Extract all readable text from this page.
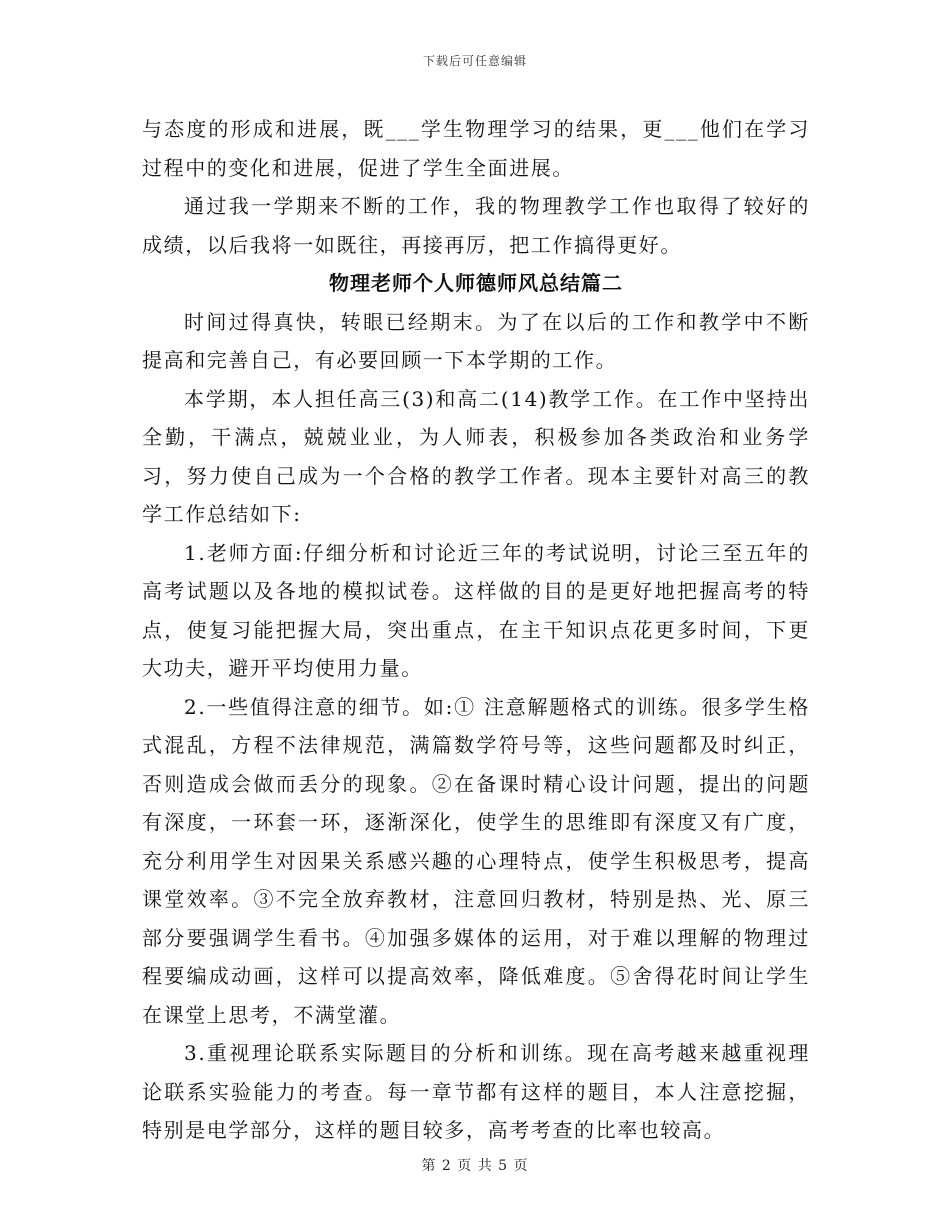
下载后可任意编辑

与态度的形成和进展，既___学生物理学习的结果，更___他们在学习过程中的变化和进展，促进了学生全面进展。

通过我一学期来不断的工作，我的物理教学工作也取得了较好的成绩，以后我将一如既往，再接再厉，把工作搞得更好。

物理老师个人师德师风总结篇二

时间过得真快，转眼已经期末。为了在以后的工作和教学中不断提高和完善自己，有必要回顾一下本学期的工作。

本学期，本人担任高三(3)和高二(14)教学工作。在工作中坚持出全勤，干满点，兢兢业业，为人师表，积极参加各类政治和业务学习，努力使自己成为一个合格的教学工作者。现本主要针对高三的教学工作总结如下:

1.老师方面:仔细分析和讨论近三年的考试说明，讨论三至五年的高考试题以及各地的模拟试卷。这样做的目的是更好地把握高考的特点，使复习能把握大局，突出重点，在主干知识点花更多时间，下更大功夫，避开平均使用力量。

2.一些值得注意的细节。如:① 注意解题格式的训练。很多学生格式混乱，方程不法律规范，满篇数学符号等，这些问题都及时纠正，否则造成会做而丢分的现象。②在备课时精心设计问题，提出的问题有深度，一环套一环，逐渐深化，使学生的思维即有深度又有广度，充分利用学生对因果关系感兴趣的心理特点，使学生积极思考，提高课堂效率。③不完全放弃教材，注意回归教材，特别是热、光、原三部分要强调学生看书。④加强多媒体的运用，对于难以理解的物理过程要编成动画，这样可以提高效率，降低难度。⑤舍得花时间让学生在课堂上思考，不满堂灌。

3.重视理论联系实际题目的分析和训练。现在高考越来越重视理论联系实验能力的考查。每一章节都有这样的题目，本人注意挖掘，特别是电学部分，这样的题目较多，高考考查的比率也较高。

第 2 页 共 5 页
